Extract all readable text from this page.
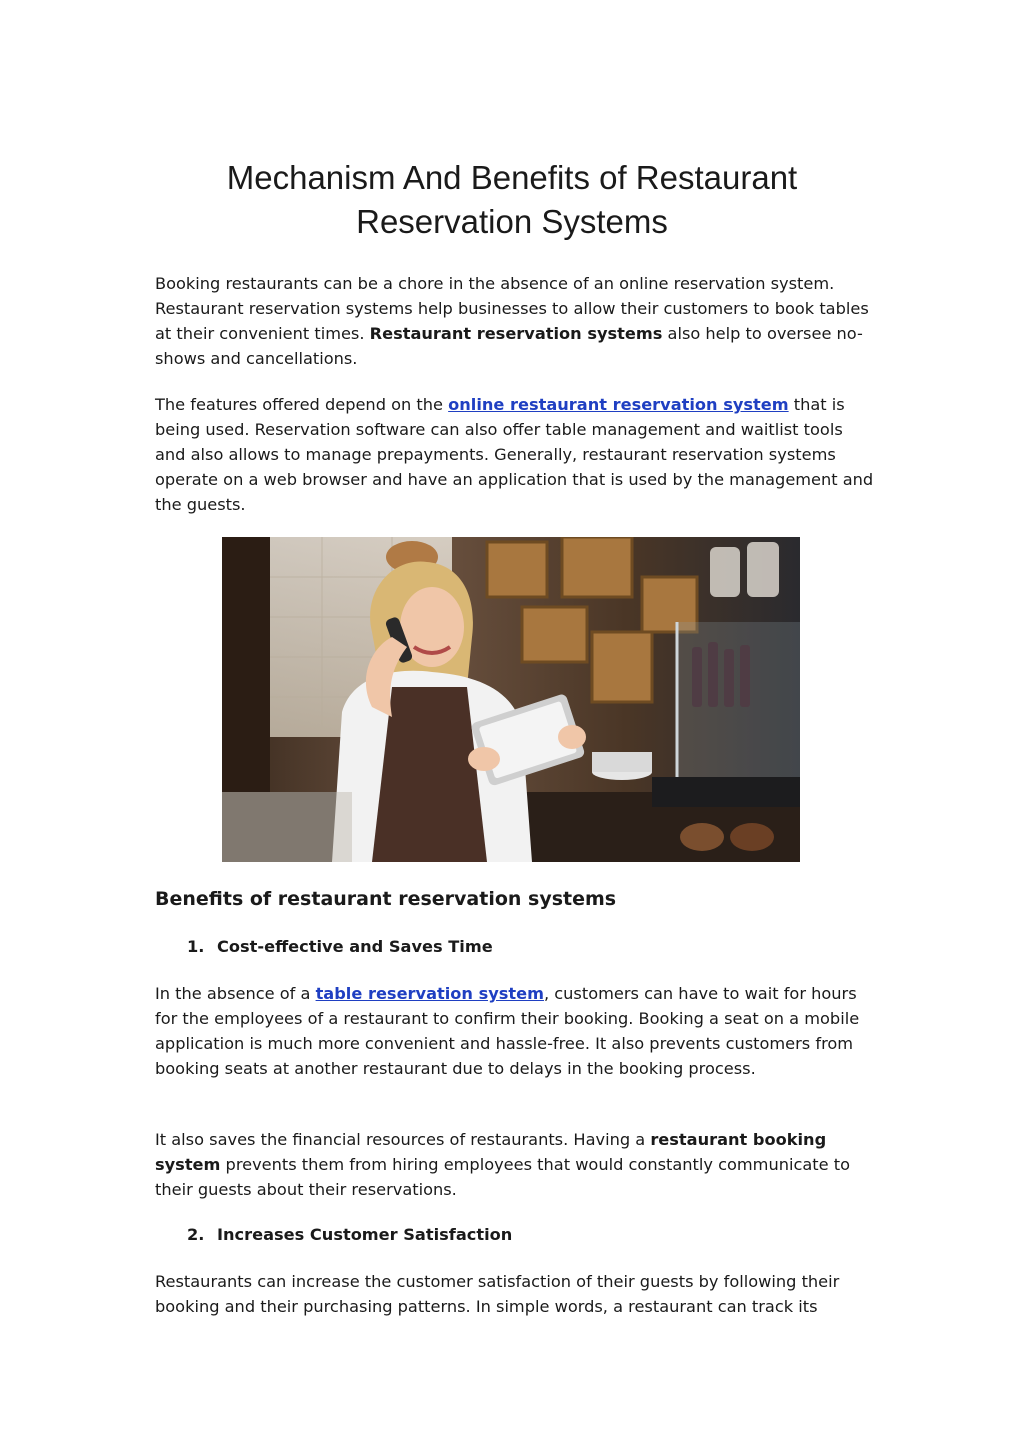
Mechanism And Benefits of Restaurant
Reservation Systems

Booking restaurants can be a chore in the absence of an online reservation system. Restaurant reservation systems help businesses to allow their customers to book tables at their convenient times. Restaurant reservation systems also help to oversee no-shows and cancellations.

The features offered depend on the online restaurant reservation system that is being used. Reservation software can also offer table management and waitlist tools and also allows to manage prepayments. Generally, restaurant reservation systems operate on a web browser and have an application that is used by the management and the guests.

Benefits of restaurant reservation systems

1. Cost-effective and Saves Time

In the absence of a table reservation system, customers can have to wait for hours for the employees of a restaurant to confirm their booking. Booking a seat on a mobile application is much more convenient and hassle-free. It also prevents customers from booking seats at another restaurant due to delays in the booking process.

It also saves the financial resources of restaurants. Having a restaurant booking system prevents them from hiring employees that would constantly communicate to their guests about their reservations.

2. Increases Customer Satisfaction

Restaurants can increase the customer satisfaction of their guests by following their booking and their purchasing patterns. In simple words, a restaurant can track its
